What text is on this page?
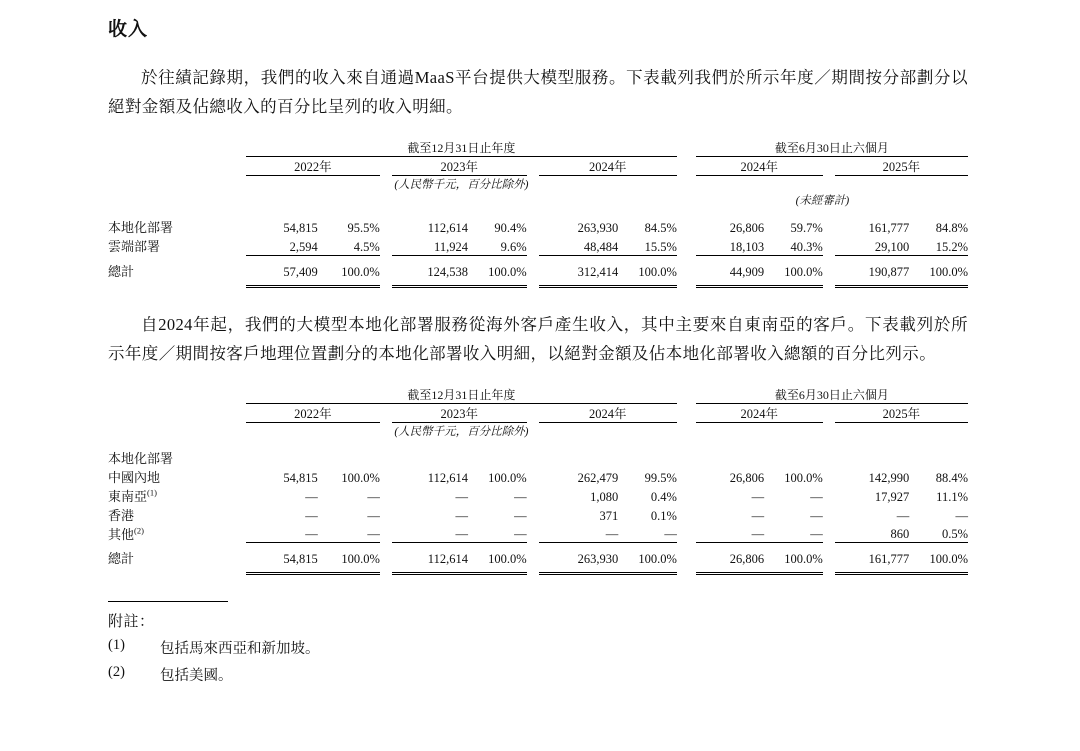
收入

於往績記錄期，我們的收入來自通過MaaS平台提供大模型服務。下表載列我們於所示年度／期間按分部劃分以絕對金額及佔總收入的百分比呈列的收入明細。

	截至12月31日止年度									截至6月30日止六個月				
	2022年			2023年			2024年			2024年			2025年	
	(人民幣千元，百分比除外)													
									(未經審計)					

本地化部署	54,815	95.5%		112,614	90.4%		263,930	84.5%		26,806	59.7%		161,777	84.8%
雲端部署	2,594	4.5%		11,924	9.6%		48,484	15.5%		18,103	40.3%		29,100	15.2%

總計	57,409	100.0%		124,538	100.0%		312,414	100.0%		44,909	100.0%		190,877	100.0%

自2024年起，我們的大模型本地化部署服務從海外客戶產生收入，其中主要來自東南亞的客戶。下表載列於所示年度／期間按客戶地理位置劃分的本地化部署收入明細，以絕對金額及佔本地化部署收入總額的百分比列示。

	截至12月31日止年度									截至6月30日止六個月				
	2022年			2023年			2024年			2024年			2025年	
	(人民幣千元，百分比除外)													

本地化部署														
中國內地	54,815	100.0%		112,614	100.0%		262,479	99.5%		26,806	100.0%		142,990	88.4%
東南亞$^{(1)}$	—	—		—	—		1,080	0.4%		—	—		17,927	11.1%
香港	—	—		—	—		371	0.1%		—	—		—	—
其他$^{(2)}$	—	—		—	—		—	—		—	—		860	0.5%

總計	54,815	100.0%		112,614	100.0%		263,930	100.0%		26,806	100.0%		161,777	100.0%

附註：
(1)	包括馬來西亞和新加坡。
(2)	包括美國。
